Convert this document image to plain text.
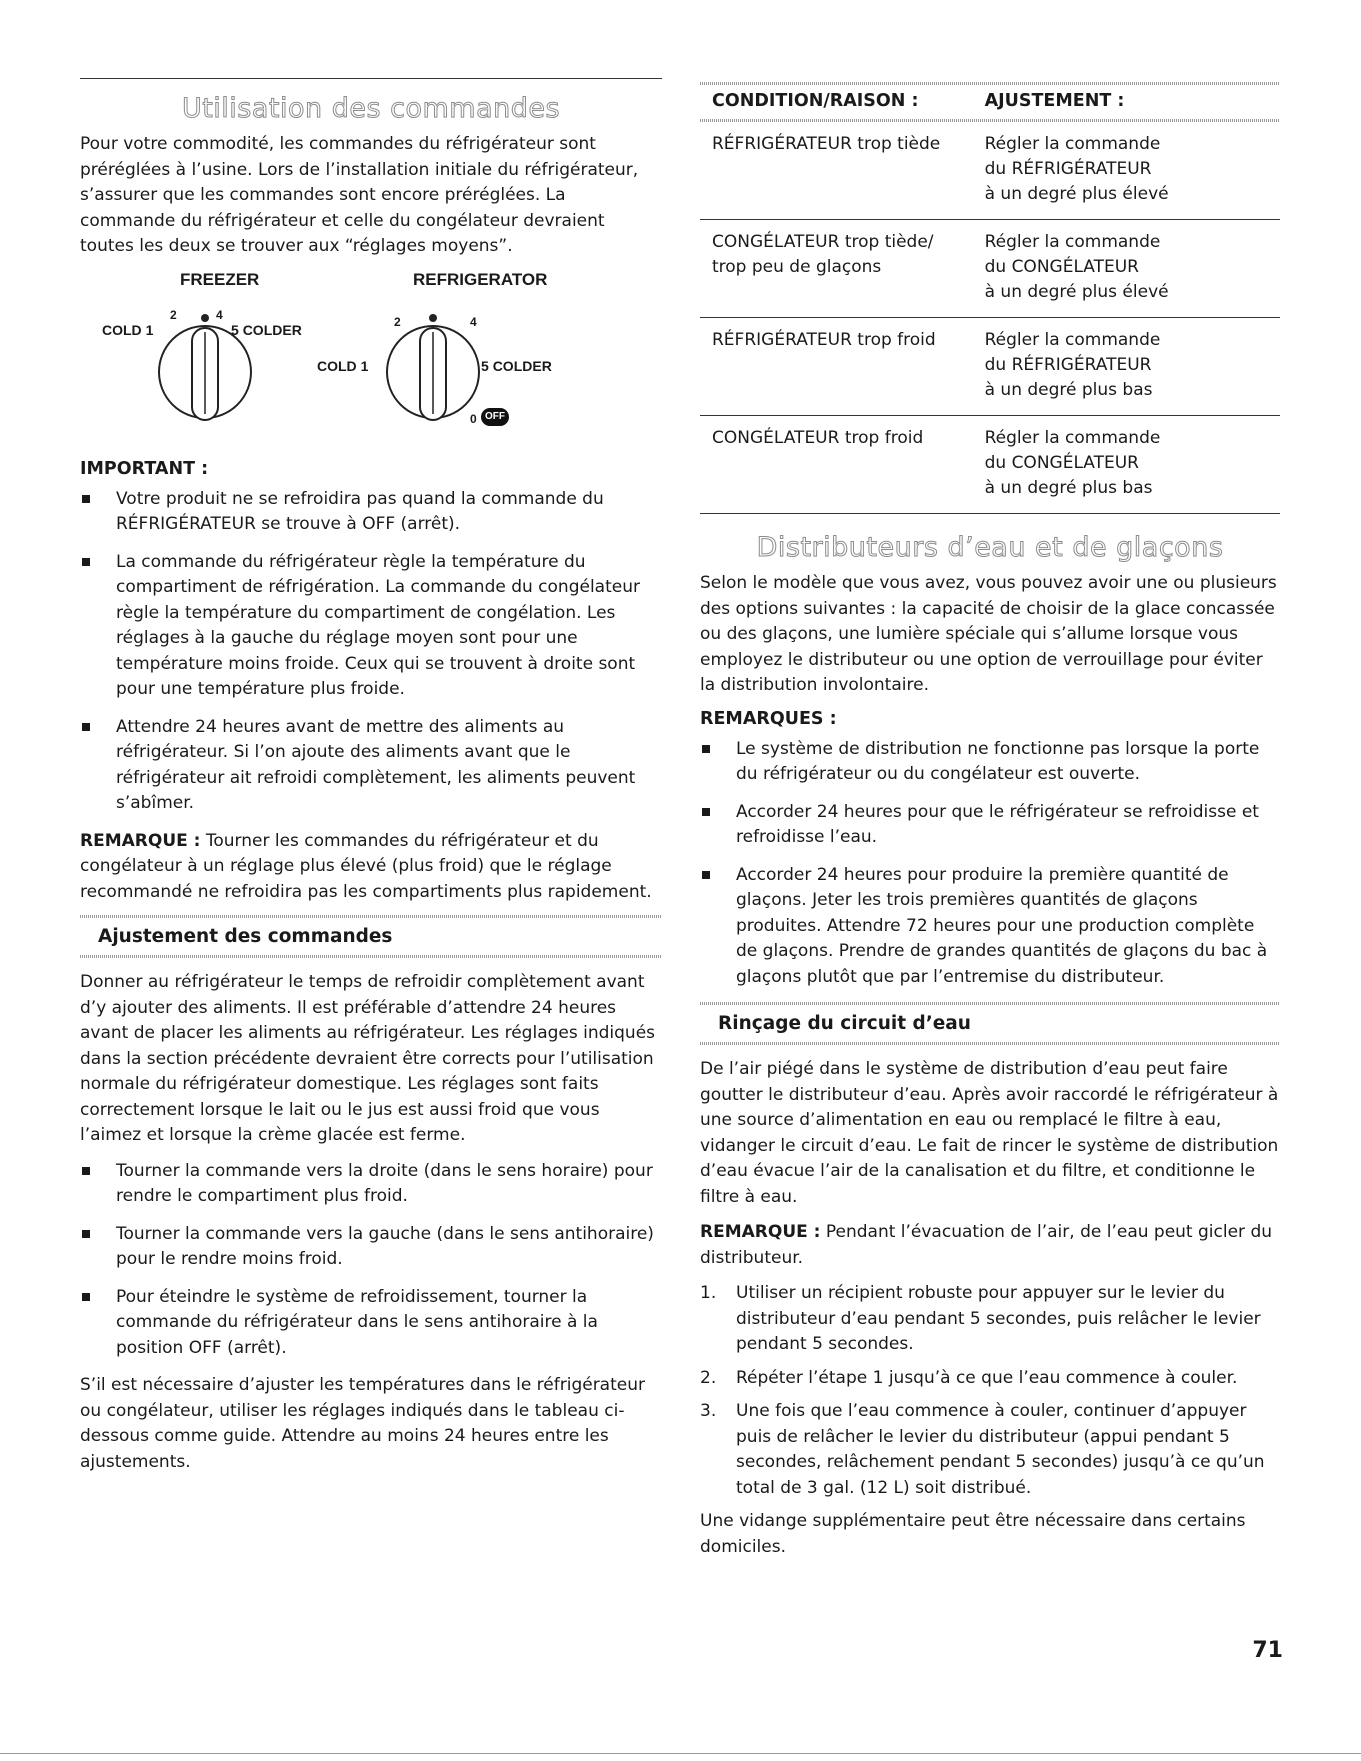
Utilisation des commandes

Pour votre commodité, les commandes du réfrigérateur sont préréglées à l’usine. Lors de l’installation initiale du réfrigérateur, s’assurer que les commandes sont encore préréglées. La commande du réfrigérateur et celle du congélateur devraient toutes les deux se trouver aux “réglages moyens”.

FREEZER	REFRIGERATOR
COLD 1
2	4
5 COLDER	2	4
COLD 1	5 COLDER
0 OFF
IMPORTANT :
Votre produit ne se refroidira pas quand la commande du RÉFRIGÉRATEUR se trouve à OFF (arrêt).
La commande du réfrigérateur règle la température du compartiment de réfrigération. La commande du congélateur règle la température du compartiment de congélation. Les réglages à la gauche du réglage moyen sont pour une température moins froide. Ceux qui se trouvent à droite sont pour une température plus froide.
Attendre 24 heures avant de mettre des aliments au réfrigérateur. Si l’on ajoute des aliments avant que le réfrigérateur ait refroidi complètement, les aliments peuvent s’abîmer.

REMARQUE : Tourner les commandes du réfrigérateur et du congélateur à un réglage plus élevé (plus froid) que le réglage recommandé ne refroidira pas les compartiments plus rapidement.

Ajustement des commandes

Donner au réfrigérateur le temps de refroidir complètement avant d’y ajouter des aliments. Il est préférable d’attendre 24 heures avant de placer les aliments au réfrigérateur. Les réglages indiqués dans la section précédente devraient être corrects pour l’utilisation normale du réfrigérateur domestique. Les réglages sont faits correctement lorsque le lait ou le jus est aussi froid que vous l’aimez et lorsque la crème glacée est ferme.

Tourner la commande vers la droite (dans le sens horaire) pour rendre le compartiment plus froid.
Tourner la commande vers la gauche (dans le sens antihoraire) pour le rendre moins froid.
Pour éteindre le système de refroidissement, tourner la commande du réfrigérateur dans le sens antihoraire à la position OFF (arrêt).

S’il est nécessaire d’ajuster les températures dans le réfrigérateur ou congélateur, utiliser les réglages indiqués dans le tableau ci-dessous comme guide. Attendre au moins 24 heures entre les ajustements.

CONDITION/RAISON :	AJUSTEMENT :

RÉFRIGÉRATEUR trop tiède	Régler la commande
du RÉFRIGÉRATEUR
à un degré plus élevé

CONGÉLATEUR trop tiède/
trop peu de glaçons	Régler la commande
du CONGÉLATEUR
à un degré plus élevé

RÉFRIGÉRATEUR trop froid	Régler la commande
du RÉFRIGÉRATEUR
à un degré plus bas

CONGÉLATEUR trop froid	Régler la commande
du CONGÉLATEUR
à un degré plus bas
Distributeurs d’eau et de glaçons

Selon le modèle que vous avez, vous pouvez avoir une ou plusieurs des options suivantes : la capacité de choisir de la glace concassée ou des glaçons, une lumière spéciale qui s’allume lorsque vous employez le distributeur ou une option de verrouillage pour éviter la distribution involontaire.

REMARQUES :
Le système de distribution ne fonctionne pas lorsque la porte du réfrigérateur ou du congélateur est ouverte.
Accorder 24 heures pour que le réfrigérateur se refroidisse et refroidisse l’eau.
Accorder 24 heures pour produire la première quantité de glaçons. Jeter les trois premières quantités de glaçons produites. Attendre 72 heures pour une production complète de glaçons. Prendre de grandes quantités de glaçons du bac à glaçons plutôt que par l’entremise du distributeur.
Rinçage du circuit d’eau

De l’air piégé dans le système de distribution d’eau peut faire goutter le distributeur d’eau. Après avoir raccordé le réfrigérateur à une source d’alimentation en eau ou remplacé le filtre à eau, vidanger le circuit d’eau. Le fait de rincer le système de distribution d’eau évacue l’air de la canalisation et du filtre, et conditionne le filtre à eau.

REMARQUE : Pendant l’évacuation de l’air, de l’eau peut gicler du distributeur.

1. Utiliser un récipient robuste pour appuyer sur le levier du distributeur d’eau pendant 5 secondes, puis relâcher le levier pendant 5 secondes.
2. Répéter l’étape 1 jusqu’à ce que l’eau commence à couler.
3. Une fois que l’eau commence à couler, continuer d’appuyer puis de relâcher le levier du distributeur (appui pendant 5 secondes, relâchement pendant 5 secondes) jusqu’à ce qu’un total de 3 gal. (12 L) soit distribué.

Une vidange supplémentaire peut être nécessaire dans certains domiciles.

71
